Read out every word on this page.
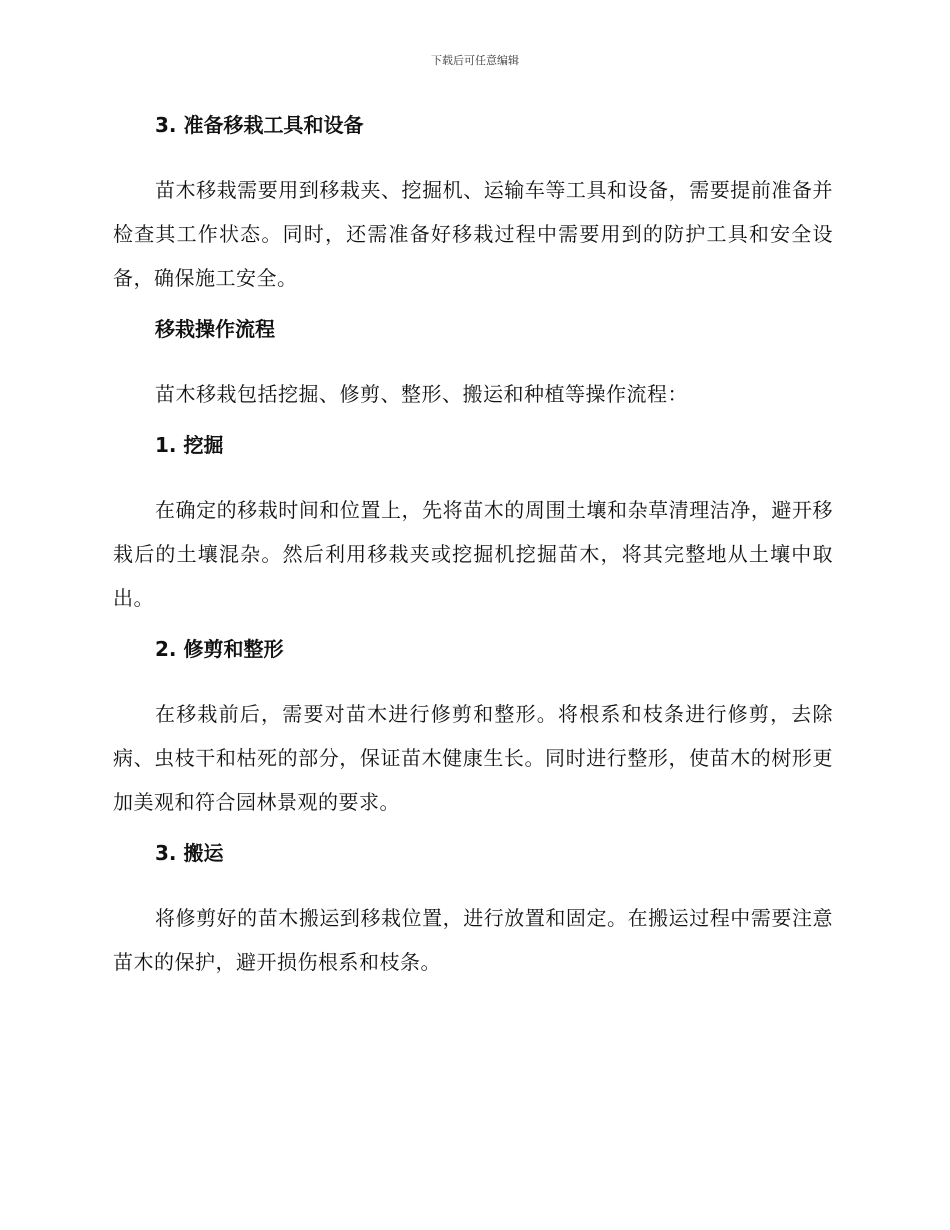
下载后可任意编辑
3. 准备移栽工具和设备
苗木移栽需要用到移栽夹、挖掘机、运输车等工具和设备，需要提前准备并检查其工作状态。同时，还需准备好移栽过程中需要用到的防护工具和安全设备，确保施工安全。
移栽操作流程
苗木移栽包括挖掘、修剪、整形、搬运和种植等操作流程：
1. 挖掘
在确定的移栽时间和位置上，先将苗木的周围土壤和杂草清理洁净，避开移栽后的土壤混杂。然后利用移栽夹或挖掘机挖掘苗木，将其完整地从土壤中取出。
2. 修剪和整形
在移栽前后，需要对苗木进行修剪和整形。将根系和枝条进行修剪，去除病、虫枝干和枯死的部分，保证苗木健康生长。同时进行整形，使苗木的树形更加美观和符合园林景观的要求。
3. 搬运
将修剪好的苗木搬运到移栽位置，进行放置和固定。在搬运过程中需要注意苗木的保护，避开损伤根系和枝条。
